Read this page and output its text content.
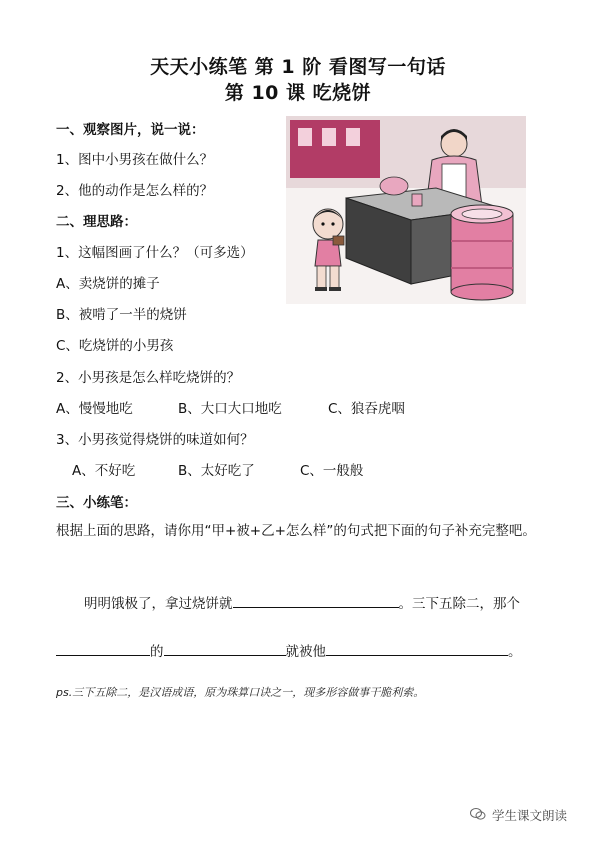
天天小练笔 第 1 阶 看图写一句话
第 10 课 吃烧饼
一、观察图片，说一说：
1、图中小男孩在做什么？
2、他的动作是怎么样的？
二、理思路：
1、这幅图画了什么？（可多选）
A、卖烧饼的摊子
B、被啃了一半的烧饼
C、吃烧饼的小男孩
2、小男孩是怎么样吃烧饼的？
A、慢慢地吃	B、大口大口地吃	C、狼吞虎咽
3、小男孩觉得烧饼的味道如何？
A、不好吃	B、太好吃了	C、一般般
三、小练笔：
根据上面的思路，请你用“甲+被+乙+怎么样”的句式把下面的句子补充完整吧。
明明饿极了，拿过烧饼就	。三下五除二，那个
的	就被他	。
ps.三下五除二，是汉语成语，原为珠算口诀之一，现多形容做事干脆利索。
学生课文朗读
